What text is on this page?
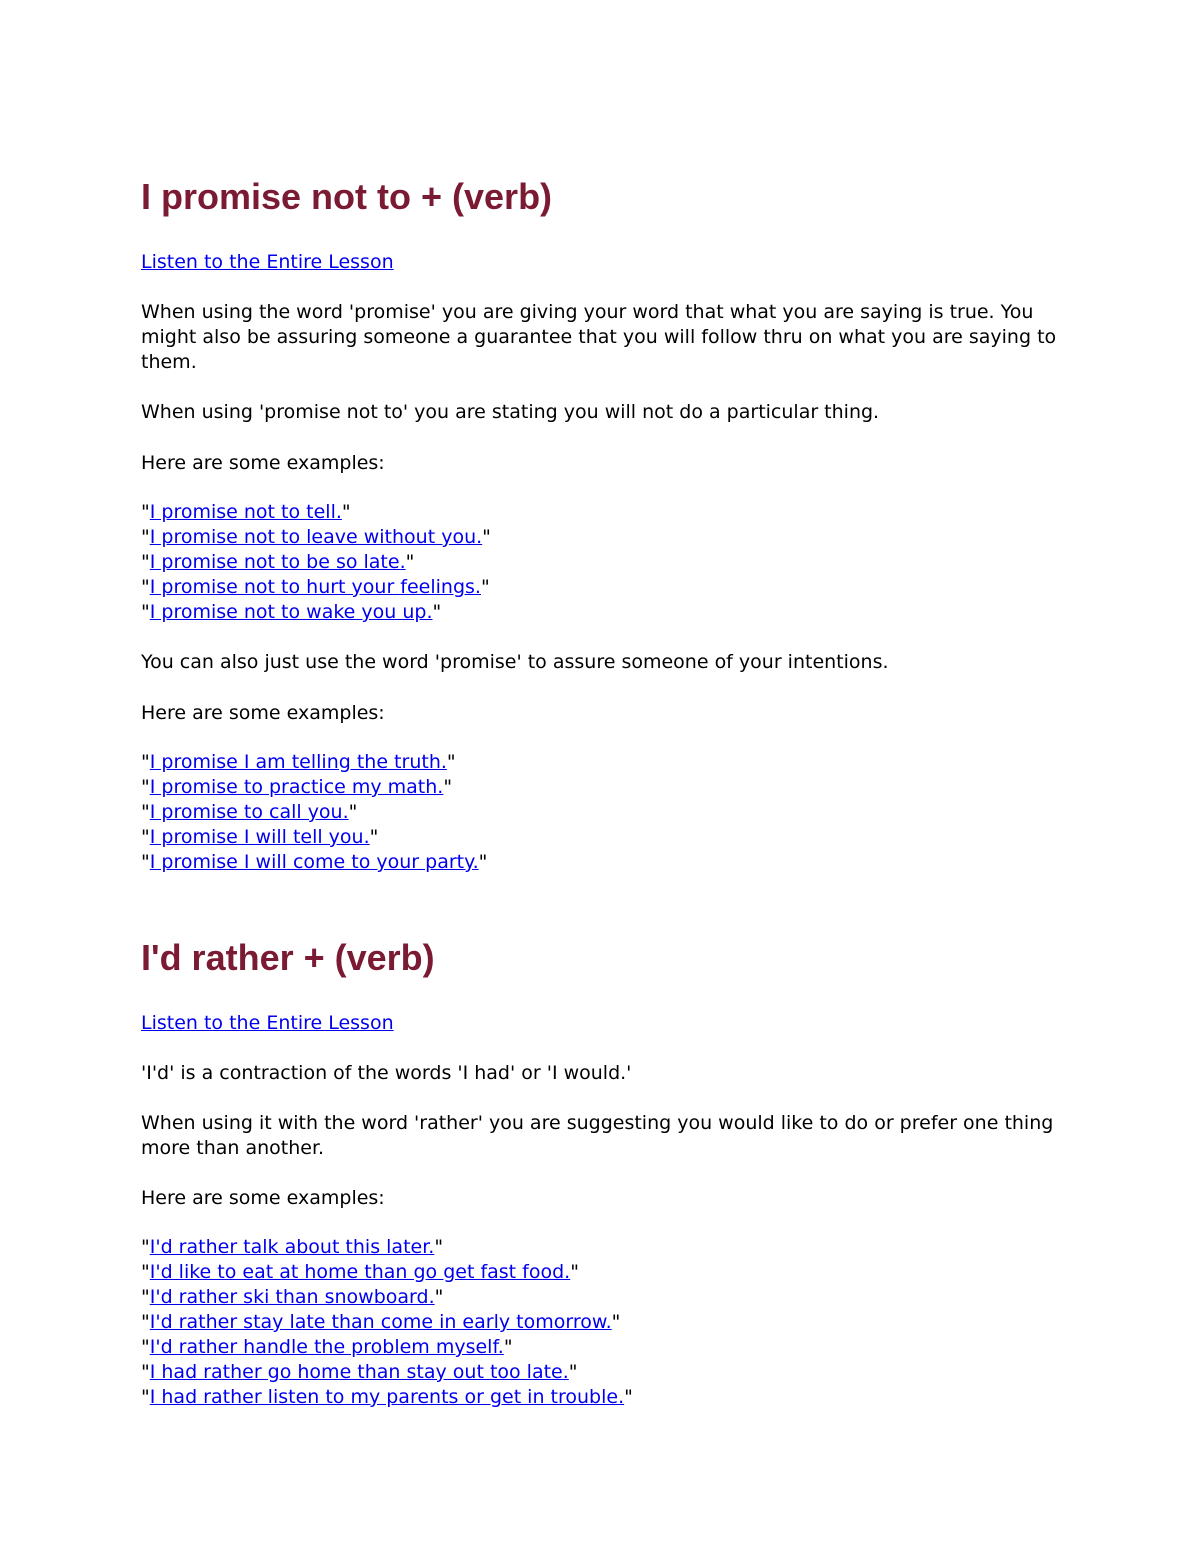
I promise not to + (verb)
Listen to the Entire Lesson

When using the word 'promise' you are giving your word that what you are saying is true. You might also be assuring someone a guarantee that you will follow thru on what you are saying to them.

When using 'promise not to' you are stating you will not do a particular thing.

Here are some examples:

"I promise not to tell."
"I promise not to leave without you."
"I promise not to be so late."
"I promise not to hurt your feelings."
"I promise not to wake you up."

You can also just use the word 'promise' to assure someone of your intentions.

Here are some examples:

"I promise I am telling the truth."
"I promise to practice my math."
"I promise to call you."
"I promise I will tell you."
"I promise I will come to your party."
I'd rather + (verb)
Listen to the Entire Lesson

'I'd' is a contraction of the words 'I had' or 'I would.'

When using it with the word 'rather' you are suggesting you would like to do or prefer one thing more than another.

Here are some examples:

"I'd rather talk about this later."
"I'd like to eat at home than go get fast food."
"I'd rather ski than snowboard."
"I'd rather stay late than come in early tomorrow."
"I'd rather handle the problem myself."
"I had rather go home than stay out too late."
"I had rather listen to my parents or get in trouble."
